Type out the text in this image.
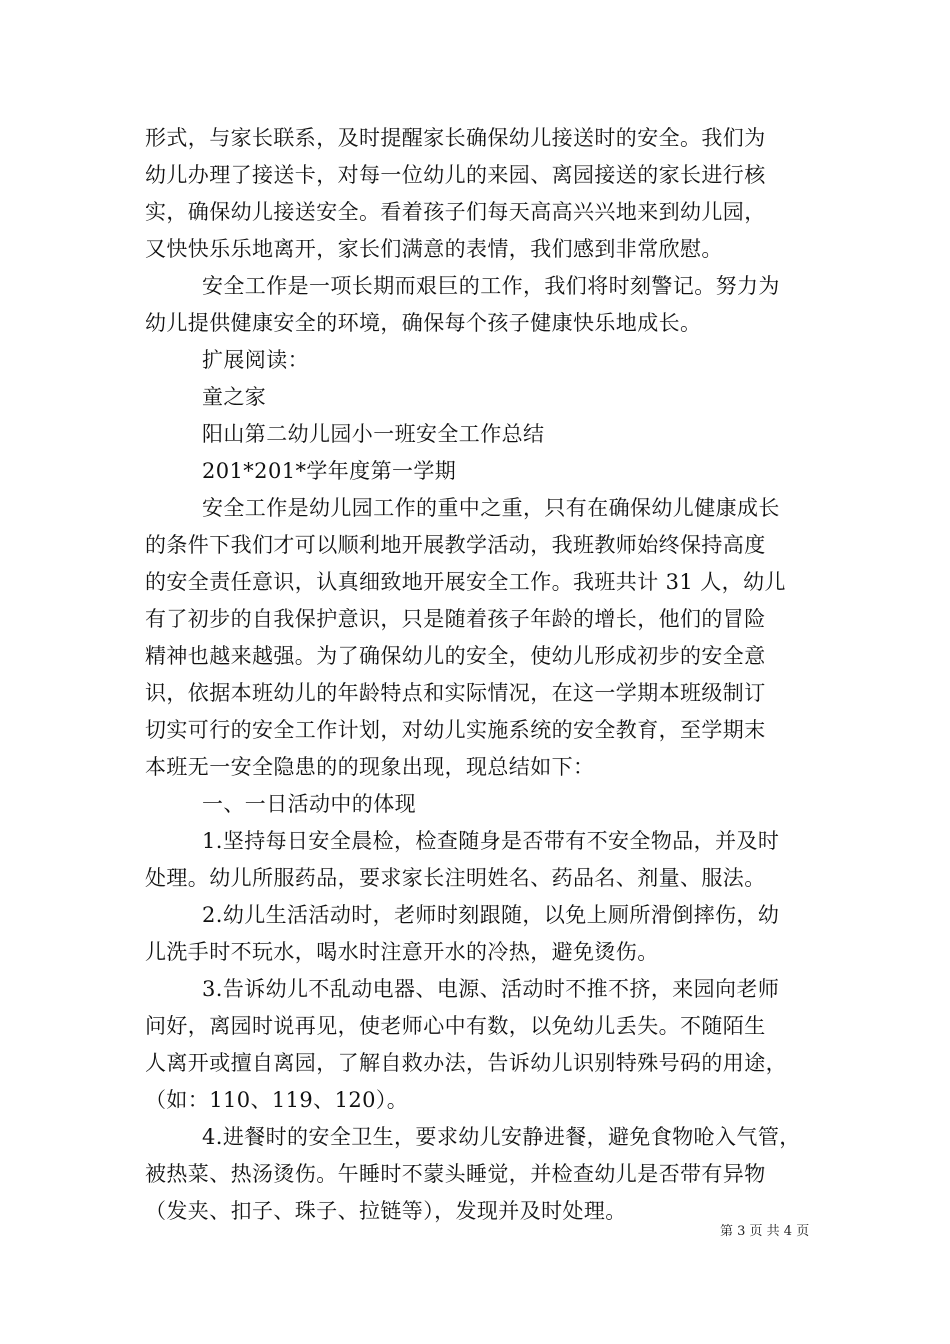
形式，与家长联系，及时提醒家长确保幼儿接送时的安全。我们为
幼儿办理了接送卡，对每一位幼儿的来园、离园接送的家长进行核
实，确保幼儿接送安全。看着孩子们每天高高兴兴地来到幼儿园，
又快快乐乐地离开，家长们满意的表情，我们感到非常欣慰。
安全工作是一项长期而艰巨的工作，我们将时刻警记。努力为
幼儿提供健康安全的环境，确保每个孩子健康快乐地成长。
扩展阅读：
童之家
阳山第二幼儿园小一班安全工作总结
201*201*学年度第一学期
安全工作是幼儿园工作的重中之重，只有在确保幼儿健康成长
的条件下我们才可以顺利地开展教学活动，我班教师始终保持高度
的安全责任意识，认真细致地开展安全工作。我班共计 31 人，幼儿
有了初步的自我保护意识，只是随着孩子年龄的增长，他们的冒险
精神也越来越强。为了确保幼儿的安全，使幼儿形成初步的安全意
识，依据本班幼儿的年龄特点和实际情况，在这一学期本班级制订
切实可行的安全工作计划，对幼儿实施系统的安全教育，至学期末
本班无一安全隐患的的现象出现，现总结如下：
一、一日活动中的体现
1.坚持每日安全晨检，检查随身是否带有不安全物品，并及时
处理。幼儿所服药品，要求家长注明姓名、药品名、剂量、服法。
2.幼儿生活活动时，老师时刻跟随，以免上厕所滑倒摔伤，幼
儿洗手时不玩水，喝水时注意开水的冷热，避免烫伤。
3.告诉幼儿不乱动电器、电源、活动时不推不挤，来园向老师
问好，离园时说再见，使老师心中有数，以免幼儿丢失。不随陌生
人离开或擅自离园，了解自救办法，告诉幼儿识别特殊号码的用途，
（如：110、119、120）。
4.进餐时的安全卫生，要求幼儿安静进餐，避免食物呛入气管，
被热菜、热汤烫伤。午睡时不蒙头睡觉，并检查幼儿是否带有异物
（发夹、扣子、珠子、拉链等），发现并及时处理。
第 3 页 共 4 页
